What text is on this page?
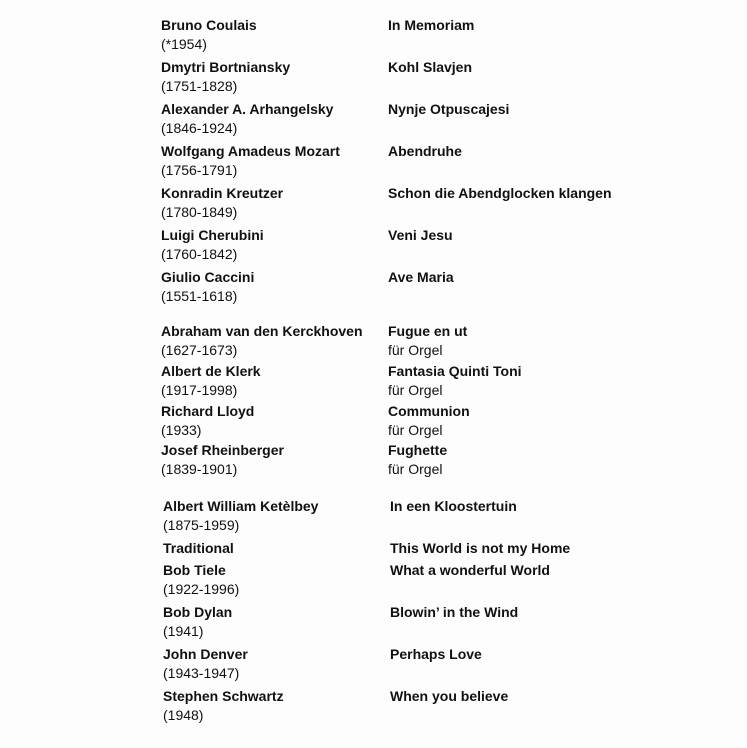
Bruno Coulais
(*1954)
In Memoriam
Dmytri Bortniansky
(1751-1828)
Kohl Slavjen
Alexander A. Arhangelsky
(1846-1924)
Nynje Otpuscajesi
Wolfgang Amadeus Mozart
(1756-1791)
Abendruhe
Konradin Kreutzer
(1780-1849)
Schon die Abendglocken klangen
Luigi Cherubini
(1760-1842)
Veni Jesu
Giulio Caccini
(1551-1618)
Ave Maria
Abraham van den Kerckhoven
(1627-1673)
Fugue en ut
für Orgel
Albert de Klerk
(1917-1998)
Fantasia Quinti Toni
für Orgel
Richard Lloyd
(1933)
Communion
für Orgel
Josef Rheinberger
(1839-1901)
Fughette
für Orgel
Albert William Ketèlbey
(1875-1959)
In een Kloostertuin
Traditional	This World is not my Home
Bob Tiele
(1922-1996)
What a wonderful World
Bob Dylan
(1941)
Blowin’ in the Wind
John Denver
(1943-1947)
Perhaps Love
Stephen Schwartz
(1948)
When you believe
